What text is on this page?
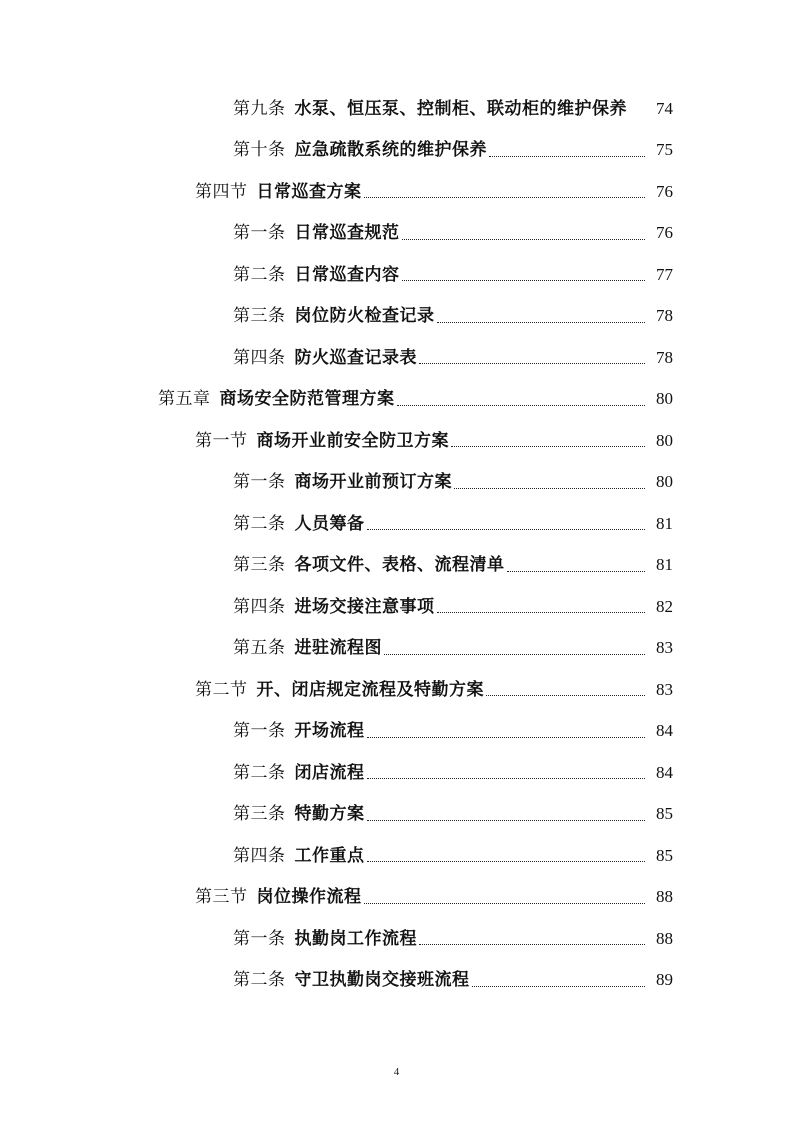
第九条 水泵、恒压泵、控制柜、联动柜的维护保养	74
第十条 应急疏散系统的维护保养	75
第四节 日常巡查方案	76
第一条 日常巡查规范	76
第二条 日常巡查内容	77
第三条 岗位防火检查记录	78
第四条 防火巡查记录表	78
第五章 商场安全防范管理方案	80
第一节 商场开业前安全防卫方案	80
第一条 商场开业前预订方案	80
第二条 人员筹备	81
第三条 各项文件、表格、流程清单	81
第四条 进场交接注意事项	82
第五条 进驻流程图	83
第二节 开、闭店规定流程及特勤方案	83
第一条 开场流程	84
第二条 闭店流程	84
第三条 特勤方案	85
第四条 工作重点	85
第三节 岗位操作流程	88
第一条 执勤岗工作流程	88
第二条 守卫执勤岗交接班流程	89
4
